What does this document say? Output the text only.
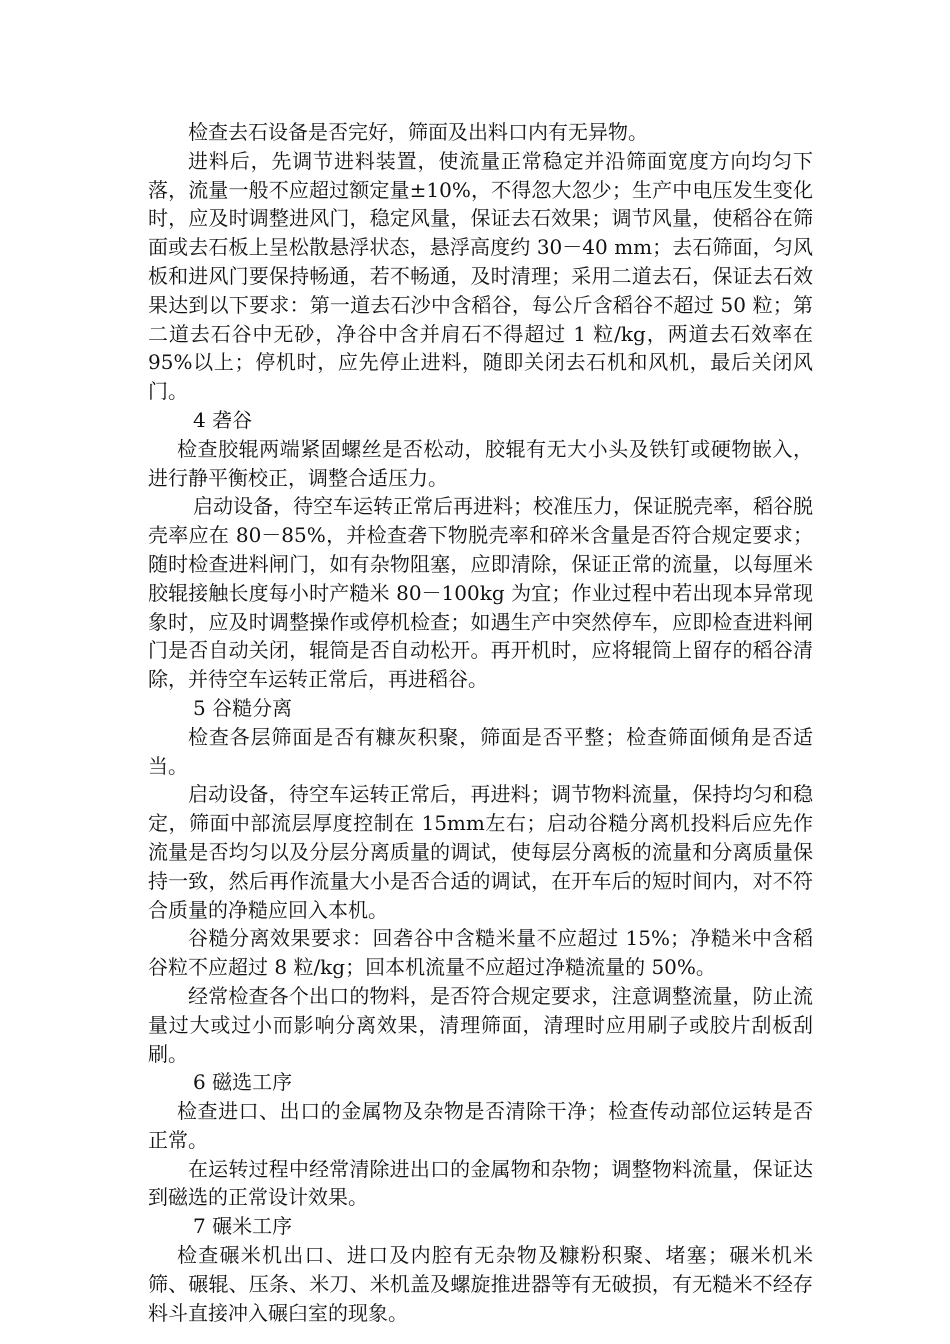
检查去石设备是否完好，筛面及出料口内有无异物。

进料后，先调节进料装置，使流量正常稳定并沿筛面宽度方向均匀下落，流量一般不应超过额定量±10%，不得忽大忽少；生产中电压发生变化时，应及时调整进风门，稳定风量，保证去石效果；调节风量，使稻谷在筛面或去石板上呈松散悬浮状态，悬浮高度约 30－40 mm；去石筛面，匀风板和进风门要保持畅通，若不畅通，及时清理；采用二道去石，保证去石效果达到以下要求：第一道去石沙中含稻谷，每公斤含稻谷不超过 50 粒；第二道去石谷中无砂，净谷中含并肩石不得超过 1 粒/kg，两道去石效率在 95%以上；停机时，应先停止进料，随即关闭去石机和风机，最后关闭风门。

4 砻谷

检查胶辊两端紧固螺丝是否松动，胶辊有无大小头及铁钉或硬物嵌入，进行静平衡校正，调整合适压力。

启动设备，待空车运转正常后再进料；校准压力，保证脱壳率，稻谷脱壳率应在 80－85%，并检查砻下物脱壳率和碎米含量是否符合规定要求；随时检查进料闸门，如有杂物阻塞，应即清除，保证正常的流量，以每厘米胶辊接触长度每小时产糙米 80－100kg 为宜；作业过程中若出现本异常现象时，应及时调整操作或停机检查；如遇生产中突然停车，应即检查进料闸门是否自动关闭，辊筒是否自动松开。再开机时，应将辊筒上留存的稻谷清除，并待空车运转正常后，再进稻谷。

5 谷糙分离

检查各层筛面是否有糠灰积聚，筛面是否平整；检查筛面倾角是否适当。

启动设备，待空车运转正常后，再进料；调节物料流量，保持均匀和稳定，筛面中部流层厚度控制在 15mm左右；启动谷糙分离机投料后应先作流量是否均匀以及分层分离质量的调试，使每层分离板的流量和分离质量保持一致，然后再作流量大小是否合适的调试，在开车后的短时间内，对不符合质量的净糙应回入本机。

谷糙分离效果要求：回砻谷中含糙米量不应超过 15%；净糙米中含稻谷粒不应超过 8 粒/kg；回本机流量不应超过净糙流量的 50%。

经常检查各个出口的物料，是否符合规定要求，注意调整流量，防止流量过大或过小而影响分离效果，清理筛面，清理时应用刷子或胶片刮板刮刷。

6 磁选工序

检查进口、出口的金属物及杂物是否清除干净；检查传动部位运转是否正常。

在运转过程中经常清除进出口的金属物和杂物；调整物料流量，保证达到磁选的正常设计效果。

7 碾米工序

检查碾米机出口、进口及内腔有无杂物及糠粉积聚、堵塞；碾米机米筛、碾辊、压条、米刀、米机盖及螺旋推进器等有无破损，有无糙米不经存料斗直接冲入碾臼室的现象。
